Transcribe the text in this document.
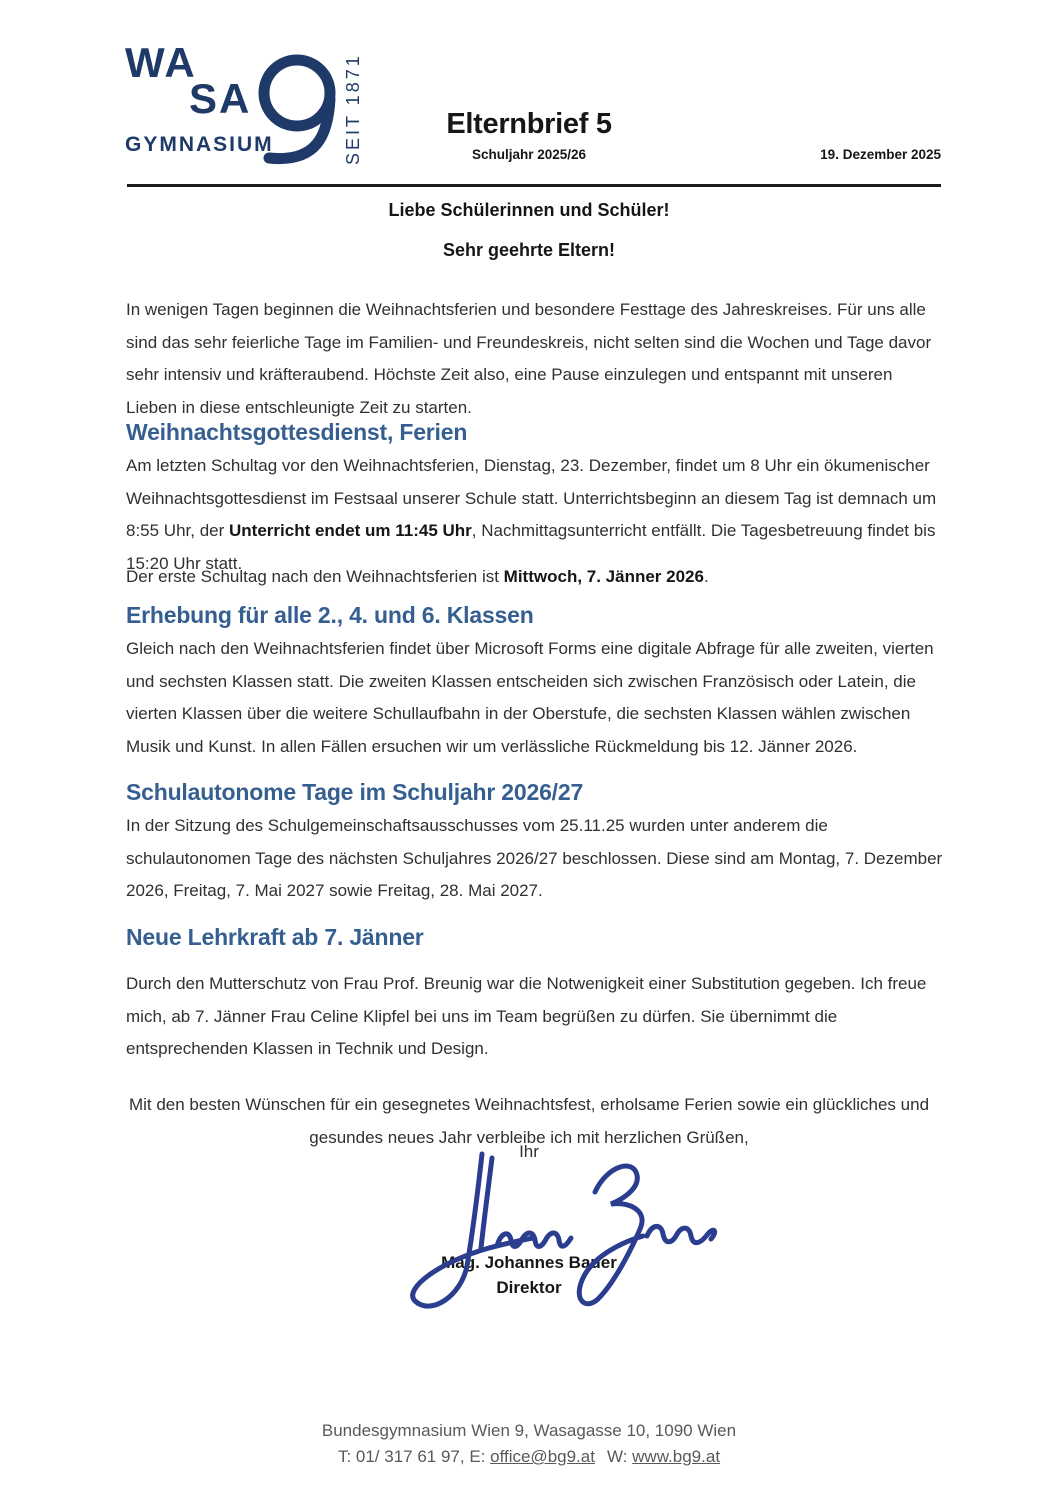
WA
SA
GYMNASIUM	SEIT 1871	Elternbrief 5
Schuljahr 2025/26	19. Dezember 2025
Liebe Schülerinnen und Schüler!
Sehr geehrte Eltern!
In wenigen Tagen beginnen die Weihnachtsferien und besondere Festtage des Jahreskreises. Für uns alle sind das sehr feierliche Tage im Familien- und Freundeskreis, nicht selten sind die Wochen und Tage davor sehr intensiv und kräfteraubend. Höchste Zeit also, eine Pause einzulegen und entspannt mit unseren Lieben in diese entschleunigte Zeit zu starten.
Weihnachtsgottesdienst, Ferien
Am letzten Schultag vor den Weihnachtsferien, Dienstag, 23. Dezember, findet um 8 Uhr ein ökumenischer Weihnachtsgottesdienst im Festsaal unserer Schule statt. Unterrichtsbeginn an diesem Tag ist demnach um 8:55 Uhr, der Unterricht endet um 11:45 Uhr, Nachmittagsunterricht entfällt. Die Tagesbetreuung findet bis 15:20 Uhr statt.
Der erste Schultag nach den Weihnachtsferien ist Mittwoch, 7. Jänner 2026.
Erhebung für alle 2., 4. und 6. Klassen
Gleich nach den Weihnachtsferien findet über Microsoft Forms eine digitale Abfrage für alle zweiten, vierten und sechsten Klassen statt. Die zweiten Klassen entscheiden sich zwischen Französisch oder Latein, die vierten Klassen über die weitere Schullaufbahn in der Oberstufe, die sechsten Klassen wählen zwischen Musik und Kunst. In allen Fällen ersuchen wir um verlässliche Rückmeldung bis 12. Jänner 2026.
Schulautonome Tage im Schuljahr 2026/27
In der Sitzung des Schulgemeinschaftsausschusses vom 25.11.25 wurden unter anderem die schulautonomen Tage des nächsten Schuljahres 2026/27 beschlossen. Diese sind am Montag, 7. Dezember 2026, Freitag, 7. Mai 2027 sowie Freitag, 28. Mai 2027.
Neue Lehrkraft ab 7. Jänner
Durch den Mutterschutz von Frau Prof. Breunig war die Notwenigkeit einer Substitution gegeben. Ich freue mich, ab 7. Jänner Frau Celine Klipfel bei uns im Team begrüßen zu dürfen. Sie übernimmt die entsprechenden Klassen in Technik und Design.
Mit den besten Wünschen für ein gesegnetes Weihnachtsfest, erholsame Ferien sowie ein glückliches und gesundes neues Jahr verbleibe ich mit herzlichen Grüßen,
Ihr
Mag. Johannes Bauer
Direktor
Bundesgymnasium Wien 9, Wasagasse 10, 1090 Wien
T: 01/ 317 61 97, E: office@bg9.at W: www.bg9.at
